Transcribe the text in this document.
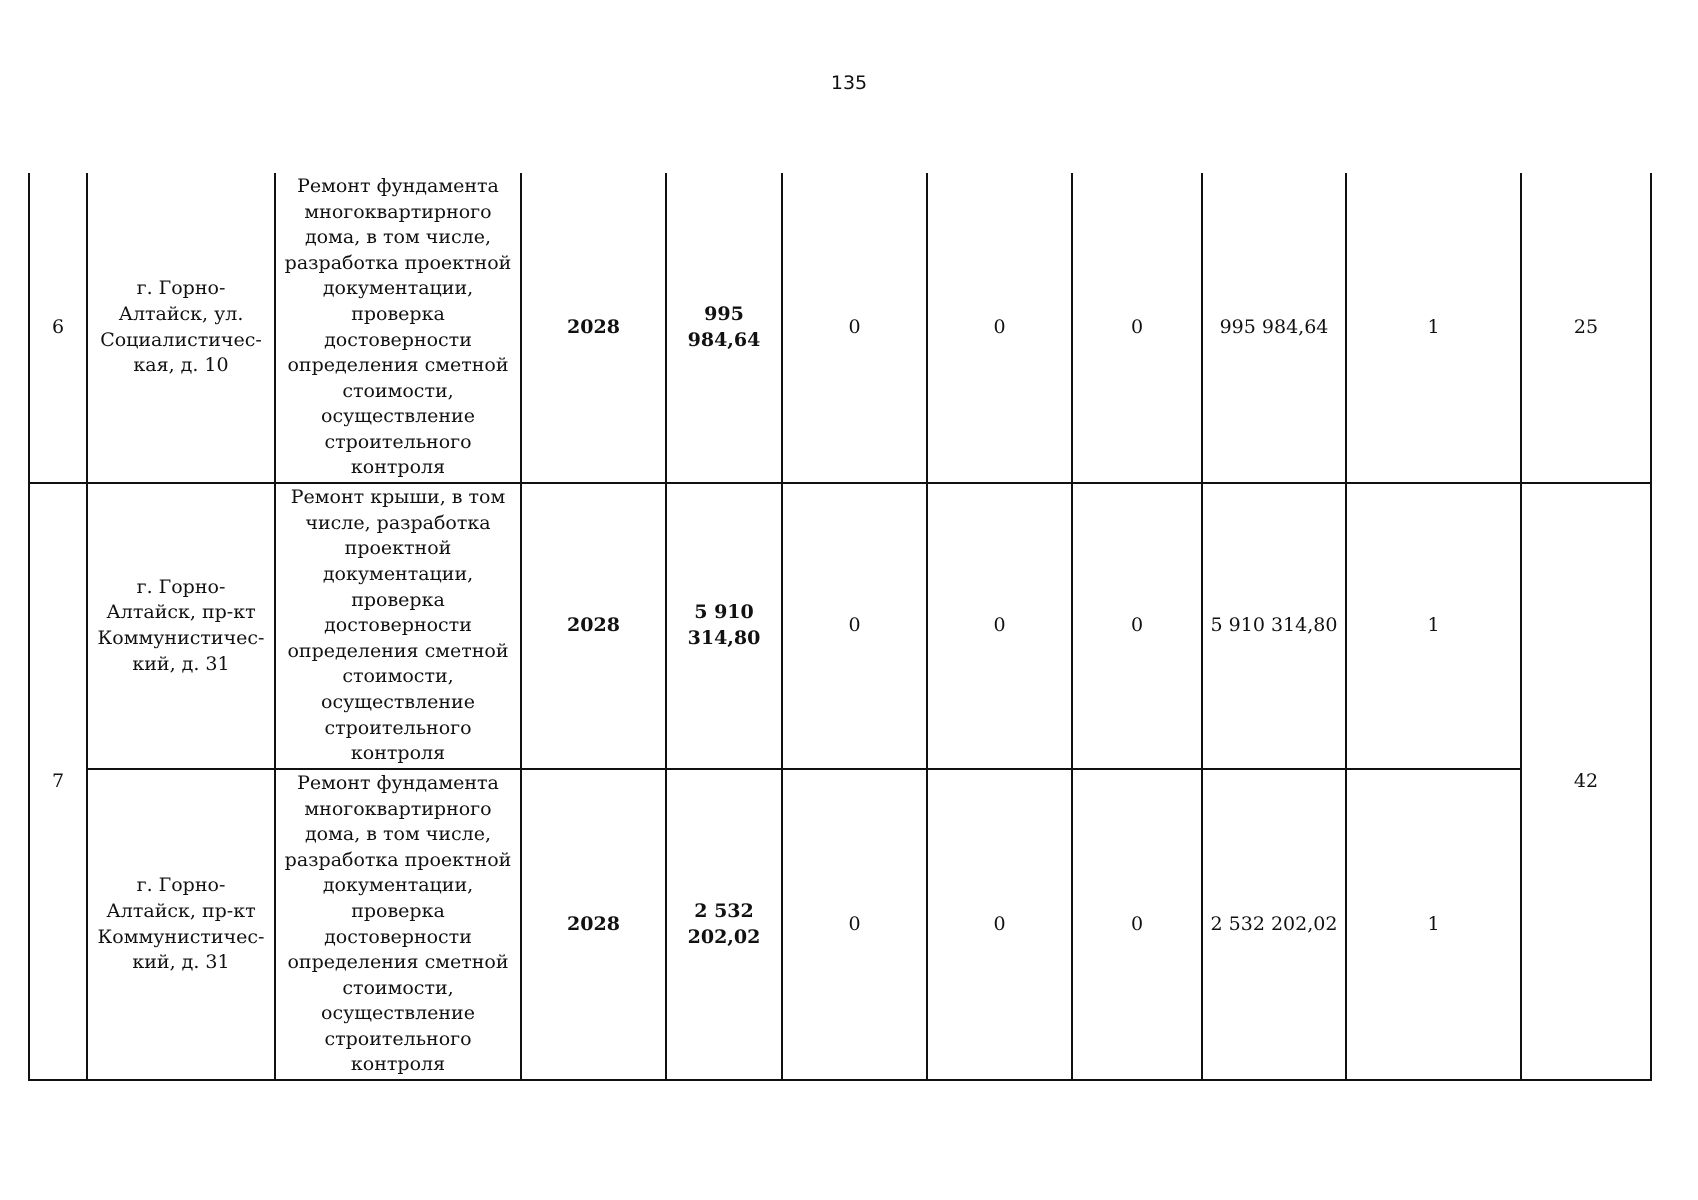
135
6	г. Горно-Алтайск, ул. Социалистичес-кая, д. 10	Ремонт фундамента многоквартирного дома, в том числе, разработка проектной документации, проверка достоверности определения сметной стоимости, осуществление строительного контроля	2028	995 984,64	0	0	0	995 984,64	1	25
7	г. Горно-Алтайск, пр-кт Коммунистичес-кий, д. 31	Ремонт крыши, в том числе, разработка проектной документации, проверка достоверности определения сметной стоимости, осуществление строительного контроля	2028	5 910 314,80	0	0	0	5 910 314,80	1	42
	г. Горно-Алтайск, пр-кт Коммунистичес-кий, д. 31	Ремонт фундамента многоквартирного дома, в том числе, разработка проектной документации, проверка достоверности определения сметной стоимости, осуществление строительного контроля	2028	2 532 202,02	0	0	0	2 532 202,02	1	
